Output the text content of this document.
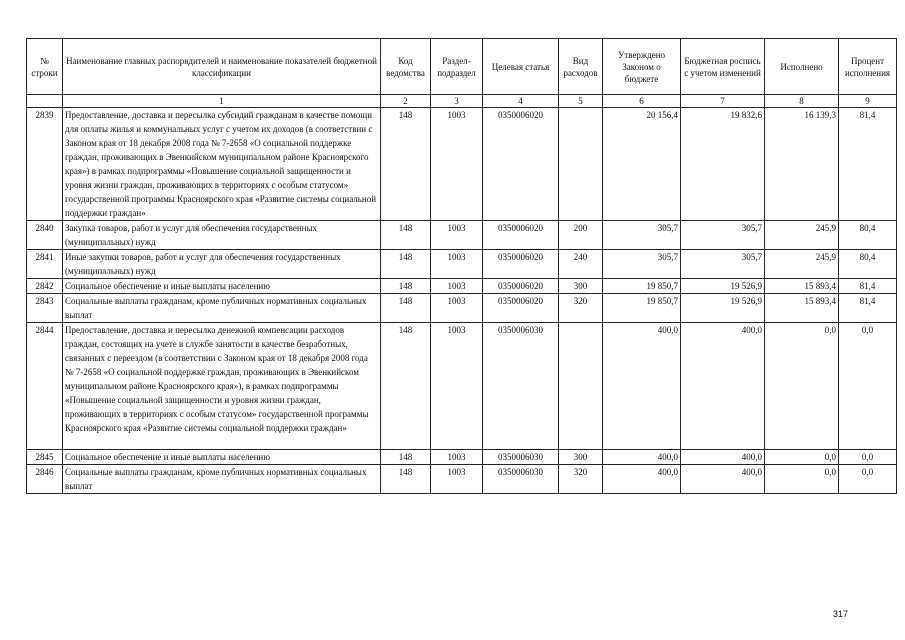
№ строки	Наименование главных распорядителей и наименование показателей бюджетной классификации	Код ведомства	Раздел-подраздел	Целевая статья	Вид расходов	Утверждено Законом о бюджете	Бюджетная роспись с учетом изменений	Исполнено	Процент исполнения
	1	2	3	4	5	6	7	8	9
2839	Предоставление, доставка и пересылка субсидий гражданам в качестве помощи для оплаты жилья и коммунальных услуг с учетом их доходов (в соответствии с Законом края от 18 декабря 2008 года № 7-2658 «О социальной поддержке граждан, проживающих в Эвенкийском муниципальном районе Красноярского края») в рамках подпрограммы «Повышение социальной защищенности и уровня жизни граждан, проживающих в территориях с особым статусом» государственной программы Красноярского края «Развитие системы социальной поддержки граждан»	148	1003	0350006020		20 156,4	19 832,6	16 139,3	81,4
2840	Закупка товаров, работ и услуг для обеспечения государственных (муниципальных) нужд	148	1003	0350006020	200	305,7	305,7	245,9	80,4
2841	Иные закупки товаров, работ и услуг для обеспечения государственных (муниципальных) нужд	148	1003	0350006020	240	305,7	305,7	245,9	80,4
2842	Социальное обеспечение и иные выплаты населению	148	1003	0350006020	300	19 850,7	19 526,9	15 893,4	81,4
2843	Социальные выплаты гражданам, кроме публичных нормативных социальных выплат	148	1003	0350006020	320	19 850,7	19 526,9	15 893,4	81,4
2844	Предоставление, доставка и пересылка денежной компенсации расходов граждан, состоящих на учете в службе занятости в качестве безработных, связанных с переездом (в соответствии с Законом края от 18 декабря 2008 года № 7-2658 «О социальной поддержке граждан, проживающих в Эвенкийском муниципальном районе Красноярского края»), в рамках подпрограммы «Повышение социальной защищенности и уровня жизни граждан, проживающих в территориях с особым статусом» государственной программы Красноярского края «Развитие системы социальной поддержки граждан»	148	1003	0350006030		400,0	400,0	0,0	0,0
2845	Социальное обеспечение и иные выплаты населению	148	1003	0350006030	300	400,0	400,0	0,0	0,0
2846	Социальные выплаты гражданам, кроме публичных нормативных социальных выплат	148	1003	0350006030	320	400,0	400,0	0,0	0,0
317
